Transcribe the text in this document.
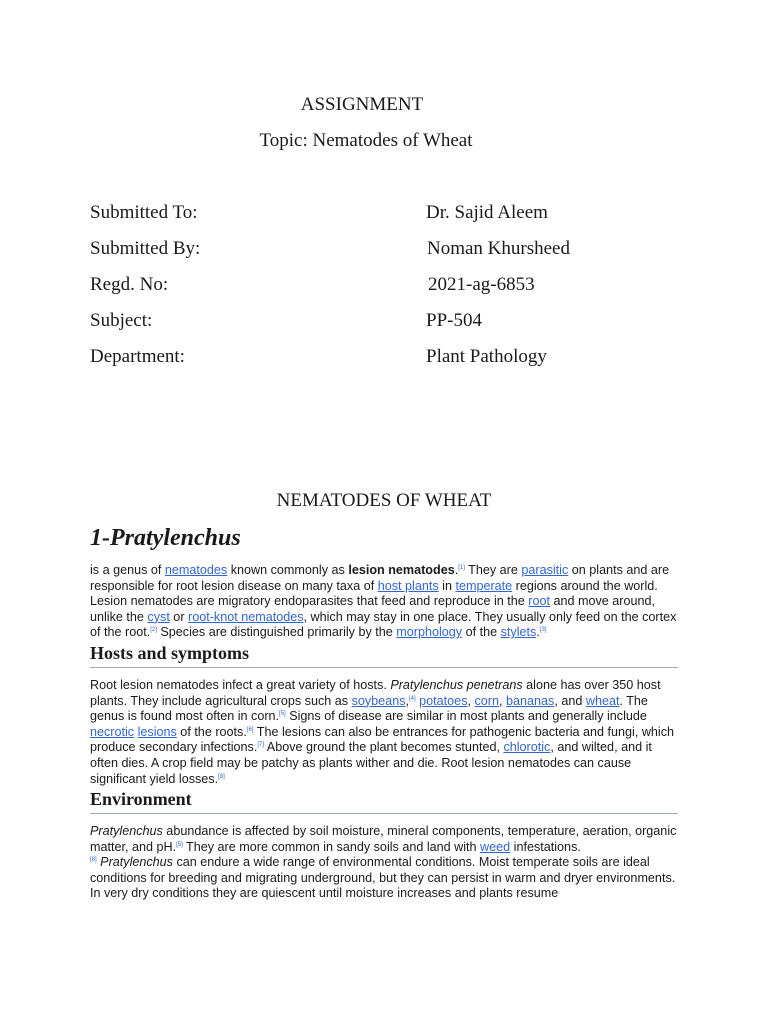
ASSIGNMENT
Topic: Nematodes of Wheat
Submitted To:	Dr. Sajid Aleem
Submitted By:	Noman Khursheed
Regd. No:	2021-ag-6853
Subject:	PP-504
Department:	Plant Pathology
NEMATODES OF WHEAT
1-Pratylenchus

is a genus of nematodes known commonly as lesion nematodes.[1] They are parasitic on plants and are responsible for root lesion disease on many taxa of host plants in temperate regions around the world. Lesion nematodes are migratory endoparasites that feed and reproduce in the root and move around, unlike the cyst or root-knot nematodes, which may stay in one place. They usually only feed on the cortex of the root.[2] Species are distinguished primarily by the morphology of the stylets.[3]

Hosts and symptoms

Root lesion nematodes infect a great variety of hosts. Pratylenchus penetrans alone has over 350 host plants. They include agricultural crops such as soybeans,[4] potatoes, corn, bananas, and wheat. The genus is found most often in corn.[5] Signs of disease are similar in most plants and generally include necrotic lesions of the roots.[6] The lesions can also be entrances for pathogenic bacteria and fungi, which produce secondary infections.[7] Above ground the plant becomes stunted, chlorotic, and wilted, and it often dies. A crop field may be patchy as plants wither and die. Root lesion nematodes can cause significant yield losses.[8]

Environment

Pratylenchus abundance is affected by soil moisture, mineral components, temperature, aeration, organic matter, and pH.[5] They are more common in sandy soils and land with weed infestations.
[8] Pratylenchus can endure a wide range of environmental conditions. Moist temperate soils are ideal conditions for breeding and migrating underground, but they can persist in warm and dryer environments. In very dry conditions they are quiescent until moisture increases and plants resume
